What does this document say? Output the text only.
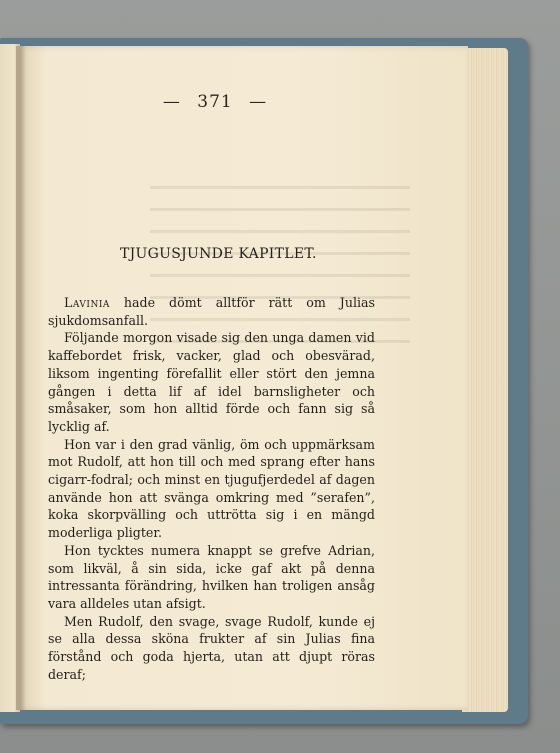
— 371 —
TJUGUSJUNDE KAPITLET.

Lavinia hade dömt alltför rätt om Julias sjukdomsanfall.

Följande morgon visade sig den unga damen vid kaffebordet frisk, vacker, glad och obesvärad, liksom ingenting förefallit eller stört den jemna gången i detta lif af idel barnsligheter och småsaker, som hon alltid förde och fann sig så lycklig af.

Hon var i den grad vänlig, öm och uppmärksam mot Rudolf, att hon till och med sprang efter hans cigarr-fodral; och minst en tjugufjerdedel af dagen använde hon att svänga omkring med ”serafen”, koka skorpvälling och uttrötta sig i en mängd moderliga pligter.

Hon tycktes numera knappt se grefve Adrian, som likväl, å sin sida, icke gaf akt på denna intressanta förändring, hvilken han troligen ansåg vara alldeles utan afsigt.

Men Rudolf, den svage, svage Rudolf, kunde ej se alla dessa sköna frukter af sin Julias fina förstånd och goda hjerta, utan att djupt röras deraf;
